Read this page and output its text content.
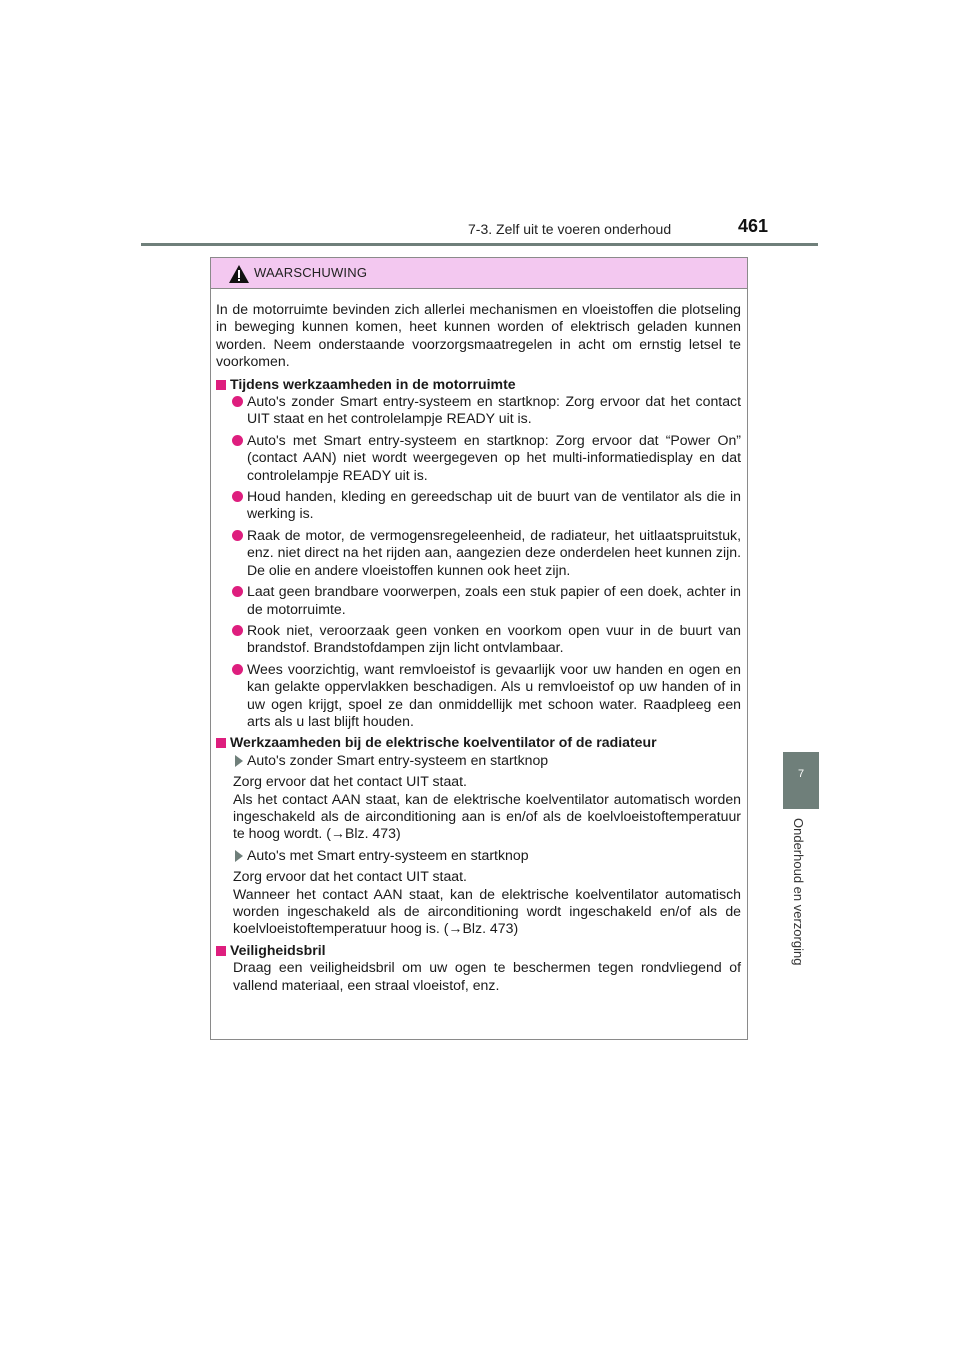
7-3. Zelf uit te voeren onderhoud	461
7
Onderhoud en verzorging
WAARSCHUWING

In de motorruimte bevinden zich allerlei mechanismen en vloeistoffen die plotseling in beweging kunnen komen, heet kunnen worden of elektrisch geladen kunnen worden. Neem onderstaande voorzorgsmaatregelen in acht om ernstig letsel te voorkomen.

Tijdens werkzaamheden in de motorruimte

Auto's zonder Smart entry-systeem en startknop: Zorg ervoor dat het contact UIT staat en het controlelampje READY uit is.

Auto's met Smart entry-systeem en startknop: Zorg ervoor dat “Power On” (contact AAN) niet wordt weergegeven op het multi-informatiedisplay en dat controlelampje READY uit is.

Houd handen, kleding en gereedschap uit de buurt van de ventilator als die in werking is.

Raak de motor, de vermogensregeleenheid, de radiateur, het uitlaatspruitstuk, enz. niet direct na het rijden aan, aangezien deze onderdelen heet kunnen zijn. De olie en andere vloeistoffen kunnen ook heet zijn.

Laat geen brandbare voorwerpen, zoals een stuk papier of een doek, achter in de motorruimte.

Rook niet, veroorzaak geen vonken en voorkom open vuur in de buurt van brandstof. Brandstofdampen zijn licht ontvlambaar.

Wees voorzichtig, want remvloeistof is gevaarlijk voor uw handen en ogen en kan gelakte oppervlakken beschadigen. Als u remvloeistof op uw handen of in uw ogen krijgt, spoel ze dan onmiddellijk met schoon water. Raadpleeg een arts als u last blijft houden.

Werkzaamheden bij de elektrische koelventilator of de radiateur

Auto's zonder Smart entry-systeem en startknop

Zorg ervoor dat het contact UIT staat.
Als het contact AAN staat, kan de elektrische koelventilator automatisch worden ingeschakeld als de airconditioning aan is en/of als de koelvloeistoftemperatuur te hoog wordt. (→Blz. 473)

Auto's met Smart entry-systeem en startknop

Zorg ervoor dat het contact UIT staat.
Wanneer het contact AAN staat, kan de elektrische koelventilator automatisch worden ingeschakeld als de airconditioning wordt ingeschakeld en/of als de koelvloeistoftemperatuur hoog is. (→Blz. 473)

Veiligheidsbril

Draag een veiligheidsbril om uw ogen te beschermen tegen rondvliegend of vallend materiaal, een straal vloeistof, enz.
